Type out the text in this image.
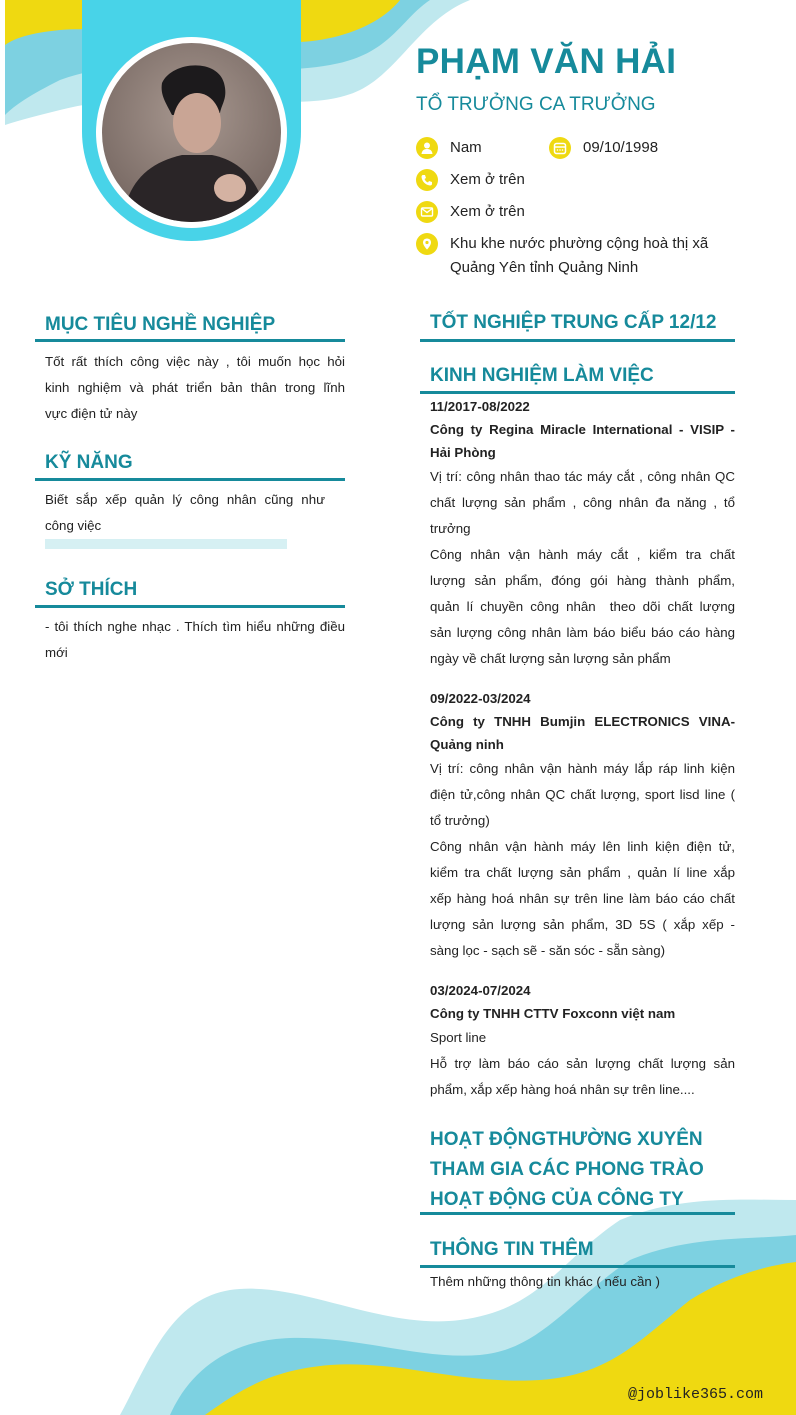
PHẠM VĂN HẢI
TỔ TRƯỞNG CA TRƯỞNG
Nam	09/10/1998
Xem ở trên
Xem ở trên
Khu khe nước phường cộng hoà thị xã
Quảng Yên tỉnh Quảng Ninh
MỤC TIÊU NGHỀ NGHIỆP
Tốt rất thích công việc này , tôi muốn học hỏi
kinh nghiệm và phát triển bản thân trong lĩnh
vực điện tử này
KỸ NĂNG
Biết sắp xếp quản lý công nhân cũng như
công việc
SỞ THÍCH
- tôi thích nghe nhạc . Thích tìm hiểu những điều
mới
TỐT NGHIỆP TRUNG CẤP 12/12
KINH NGHIỆM LÀM VIỆC
11/2017-08/2022
Công ty Regina Miracle International - VISIP -
Hải Phòng
Vị trí: công nhân thao tác máy cắt , công nhân QC
chất lượng sản phẩm , công nhân đa năng , tổ
trưởng
Công nhân vận hành máy cắt , kiểm tra chất
lượng sản phẩm, đóng gói hàng thành phẩm,
quản lí chuyền công nhân  theo dõi chất lượng
sản lượng công nhân làm báo biểu báo cáo hàng
ngày về chất lượng sản lượng sản phẩm
09/2022-03/2024
Công ty TNHH Bumjin ELECTRONICS VINA-
Quảng ninh
Vị trí: công nhân vận hành máy lắp ráp linh kiện
điện tử,công nhân QC chất lượng, sport lisd line (
tổ trưởng)
Công nhân vận hành máy lên linh kiện điện tử,
kiểm tra chất lượng sản phẩm , quản lí line xắp
xếp hàng hoá nhân sự trên line làm báo cáo chất
lượng sản lượng sản phẩm, 3D 5S ( xắp xếp -
sàng lọc - sạch sẽ - săn sóc - sẵn sàng)
03/2024-07/2024
Công ty TNHH CTTV Foxconn việt nam
Sport line
Hỗ trợ làm báo cáo sản lượng chất lượng sản
phẩm, xắp xếp hàng hoá nhân sự trên line....
HOẠT ĐỘNGTHƯỜNG XUYÊN
THAM GIA CÁC PHONG TRÀO
HOẠT ĐỘNG CỦA CÔNG TY
THÔNG TIN THÊM
Thêm những thông tin khác ( nếu cần )
@joblike365.com
